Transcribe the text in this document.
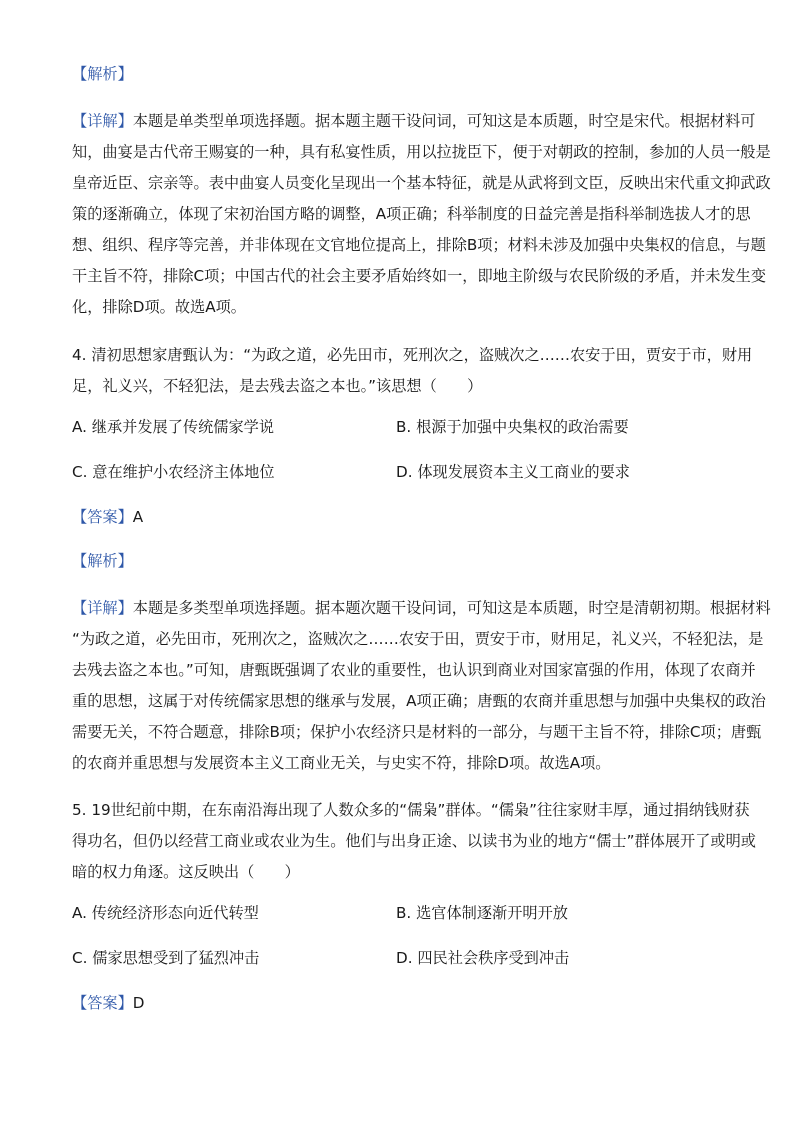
【解析】
【详解】本题是单类型单项选择题。据本题主题干设问词，可知这是本质题，时空是宋代。根据材料可
知，曲宴是古代帝王赐宴的一种，具有私宴性质，用以拉拢臣下，便于对朝政的控制，参加的人员一般是
皇帝近臣、宗亲等。表中曲宴人员变化呈现出一个基本特征，就是从武将到文臣，反映出宋代重文抑武政
策的逐渐确立，体现了宋初治国方略的调整，A项正确；科举制度的日益完善是指科举制选拔人才的思
想、组织、程序等完善，并非体现在文官地位提高上，排除B项；材料未涉及加强中央集权的信息，与题
干主旨不符，排除C项；中国古代的社会主要矛盾始终如一，即地主阶级与农民阶级的矛盾，并未发生变
化，排除D项。故选A项。
4. 清初思想家唐甄认为：“为政之道，必先田市，死刑次之，盗贼次之……农安于田，贾安于市，财用
足，礼义兴，不轻犯法，是去残去盗之本也。”该思想（　　）
A. 继承并发展了传统儒家学说	B. 根源于加强中央集权的政治需要
C. 意在维护小农经济主体地位	D. 体现发展资本主义工商业的要求
【答案】A
【解析】
【详解】本题是多类型单项选择题。据本题次题干设问词，可知这是本质题，时空是清朝初期。根据材料
“为政之道，必先田市，死刑次之，盗贼次之……农安于田，贾安于市，财用足，礼义兴，不轻犯法，是
去残去盗之本也。”可知，唐甄既强调了农业的重要性，也认识到商业对国家富强的作用，体现了农商并
重的思想，这属于对传统儒家思想的继承与发展，A项正确；唐甄的农商并重思想与加强中央集权的政治
需要无关，不符合题意，排除B项；保护小农经济只是材料的一部分，与题干主旨不符，排除C项；唐甄
的农商并重思想与发展资本主义工商业无关，与史实不符，排除D项。故选A项。
5. 19世纪前中期，在东南沿海出现了人数众多的“儒枭”群体。“儒枭”往往家财丰厚，通过捐纳钱财获
得功名，但仍以经营工商业或农业为生。他们与出身正途、以读书为业的地方“儒士”群体展开了或明或
暗的权力角逐。这反映出（　　）
A. 传统经济形态向近代转型	B. 选官体制逐渐开明开放
C. 儒家思想受到了猛烈冲击	D. 四民社会秩序受到冲击
【答案】D
